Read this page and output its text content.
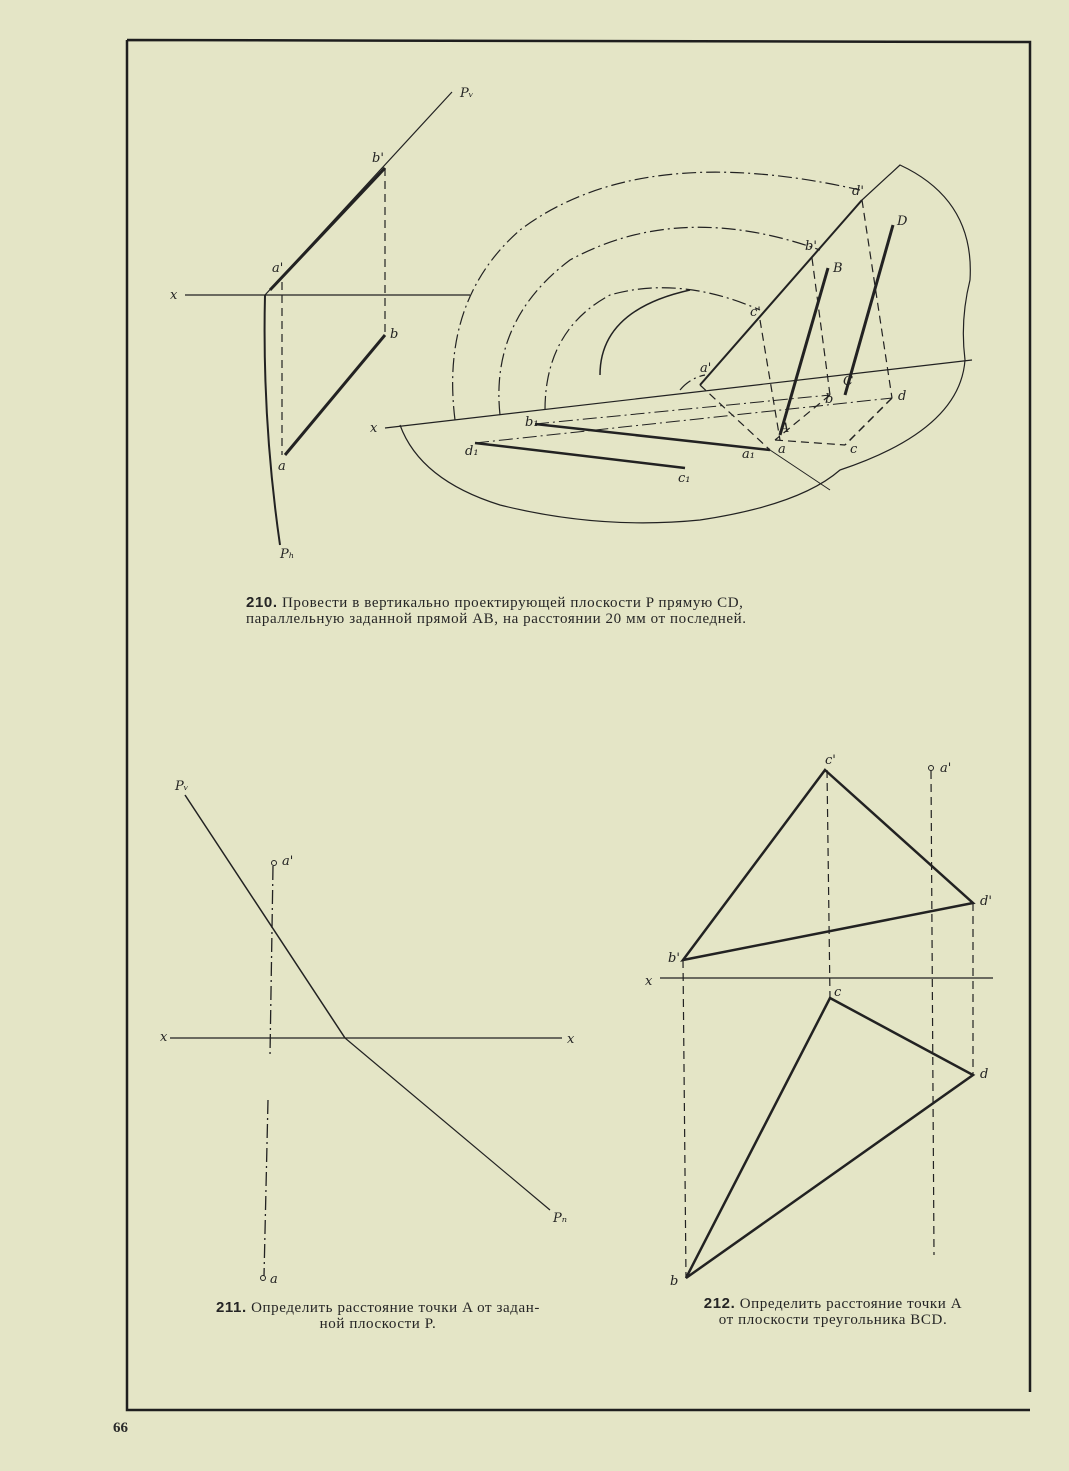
Pᵥ
Pₕ
x
a'
b'
a
b
x
d'
D
b'
B
c'
a'
C
b	d
b₁	A
d₁	a₁ a	c
c₁
Pᵥ
Pₙ
a'
a
x	x
c'
a'
d'
b'
x
c
d
b
210. Провести в вертикально проектирующей плоскости P прямую CD,
параллельную заданной прямой AB, на расстоянии 20 мм от последней.
211. Определить расстояние точки A от задан-
ной плоскости P.
212. Определить расстояние точки A
от плоскости треугольника BCD.
66
